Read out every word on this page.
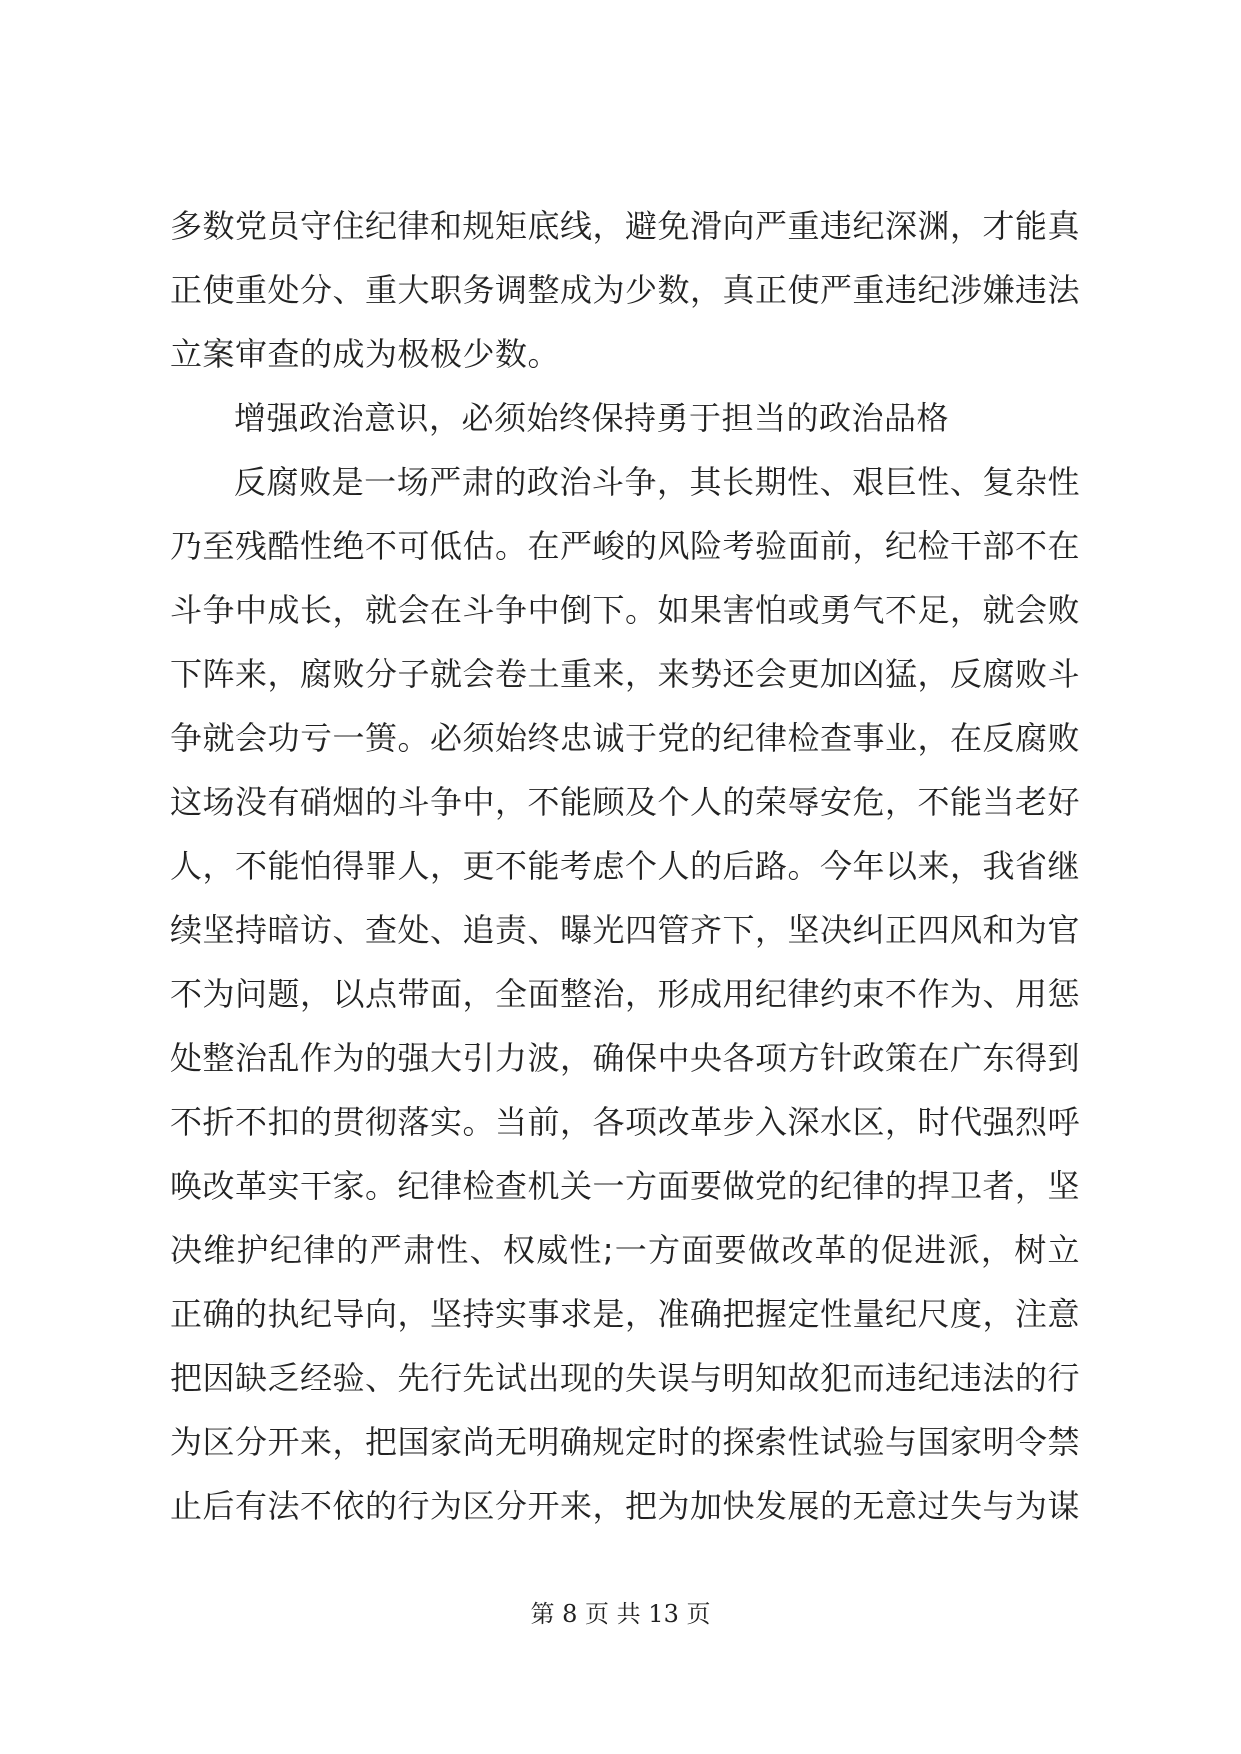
多数党员守住纪律和规矩底线，避免滑向严重违纪深渊，才能真
正使重处分、重大职务调整成为少数，真正使严重违纪涉嫌违法
立案审查的成为极极少数。
增强政治意识，必须始终保持勇于担当的政治品格
反腐败是一场严肃的政治斗争，其长期性、艰巨性、复杂性
乃至残酷性绝不可低估。在严峻的风险考验面前，纪检干部不在
斗争中成长，就会在斗争中倒下。如果害怕或勇气不足，就会败
下阵来，腐败分子就会卷土重来，来势还会更加凶猛，反腐败斗
争就会功亏一篑。必须始终忠诚于党的纪律检查事业，在反腐败
这场没有硝烟的斗争中，不能顾及个人的荣辱安危，不能当老好
人，不能怕得罪人，更不能考虑个人的后路。今年以来，我省继
续坚持暗访、查处、追责、曝光四管齐下，坚决纠正四风和为官
不为问题，以点带面，全面整治，形成用纪律约束不作为、用惩
处整治乱作为的强大引力波，确保中央各项方针政策在广东得到
不折不扣的贯彻落实。当前，各项改革步入深水区，时代强烈呼
唤改革实干家。纪律检查机关一方面要做党的纪律的捍卫者，坚
决维护纪律的严肃性、权威性;一方面要做改革的促进派，树立
正确的执纪导向，坚持实事求是，准确把握定性量纪尺度，注意
把因缺乏经验、先行先试出现的失误与明知故犯而违纪违法的行
为区分开来，把国家尚无明确规定时的探索性试验与国家明令禁
止后有法不依的行为区分开来，把为加快发展的无意过失与为谋
第 8 页 共 13 页
